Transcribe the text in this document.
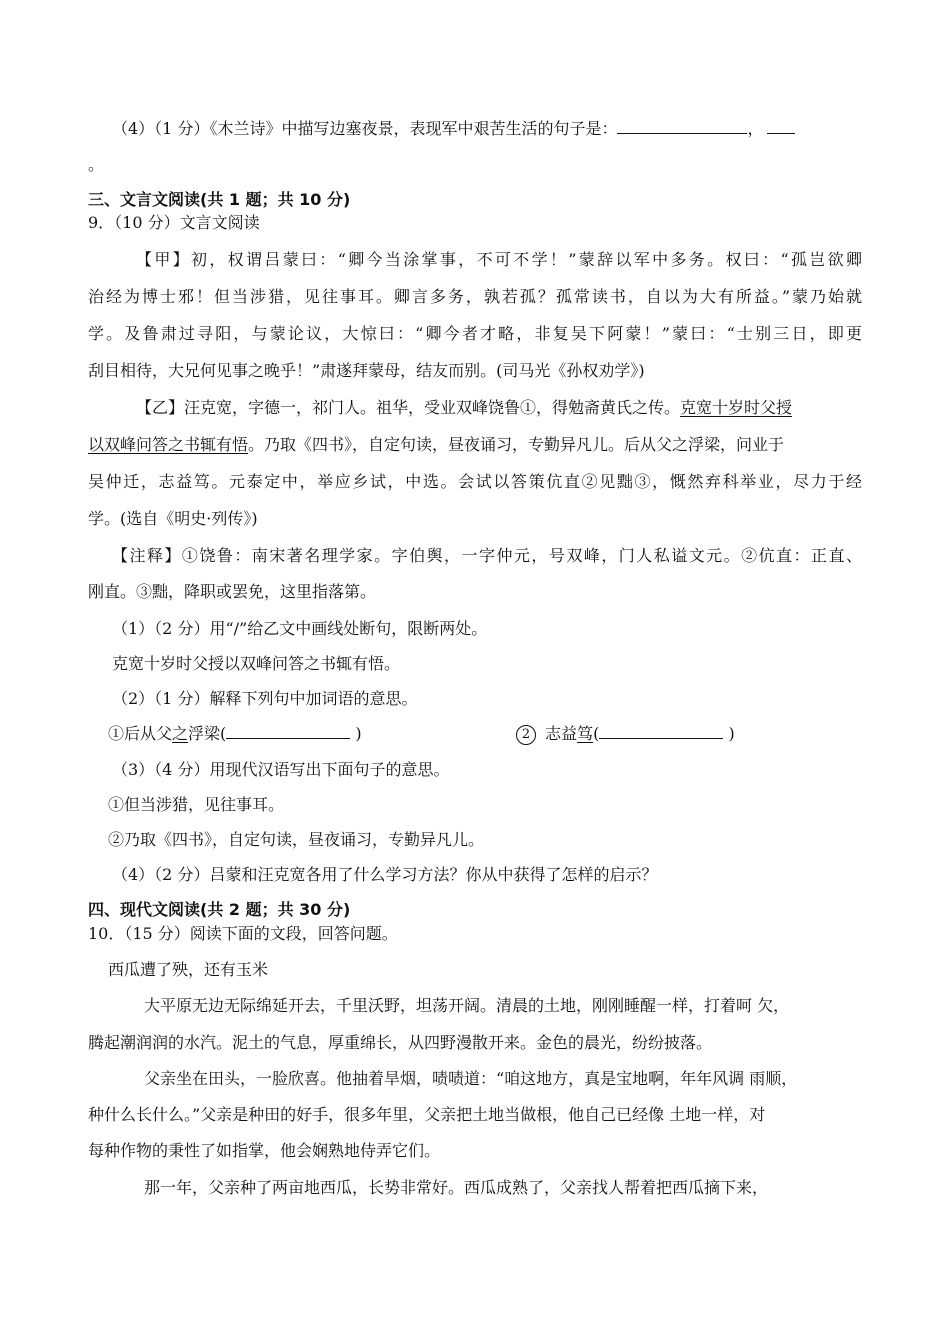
（4）（1 分）《木兰诗》中描写边塞夜景，表现军中艰苦生活的句子是：	，
。
三、文言文阅读(共 1 题；共 10 分)
9．（10 分）文言文阅读
【甲】初，权谓吕蒙曰：“卿今当涂掌事，不可不学！”蒙辞以军中多务。权曰：“孤岂欲卿
治经为博士邪！但当涉猎，见往事耳。卿言多务，孰若孤？孤常读书，自以为大有所益。”蒙乃始就
学。及鲁肃过寻阳，与蒙论议，大惊曰：“卿今者才略，非复吴下阿蒙！”蒙曰：“士别三日，即更
刮目相待，大兄何见事之晚乎！”肃遂拜蒙母，结友而别。(司马光《孙权劝学》)
【乙】汪克宽，字德一，祁门人。祖华，受业双峰饶鲁①，得勉斋黄氏之传。克宽十岁时父授
以双峰问答之书辄有悟。乃取《四书》，自定句读，昼夜诵习，专勤异凡儿。后从父之浮梁，问业于
吴仲迁，志益笃。元泰定中，举应乡试，中选。会试以答策伉直②见黜③，慨然弃科举业，尽力于经
学。(选自《明史·列传》)
【注释】①饶鲁：南宋著名理学家。字伯舆，一字仲元，号双峰，门人私谥文元。②伉直：正直、
刚直。③黜，降职或罢免，这里指落第。
（1）（2 分）用“/”给乙文中画线处断句，限断两处。
克宽十岁时父授以双峰问答之书辄有悟。
（2）（1 分）解释下列句中加词语的意思。
①后从父之浮梁(	)	2 志益笃(	)
（3）（4 分）用现代汉语写出下面句子的意思。
①但当涉猎，见往事耳。
②乃取《四书》，自定句读，昼夜诵习，专勤异凡儿。
（4）（2 分）吕蒙和汪克宽各用了什么学习方法？你从中获得了怎样的启示？
四、现代文阅读(共 2 题；共 30 分)
10．（15 分）阅读下面的文段，回答问题。
西瓜遭了殃，还有玉米
大平原无边无际绵延开去，千里沃野，坦荡开阔。清晨的土地，刚刚睡醒一样，打着呵 欠，
腾起潮润润的水汽。泥土的气息，厚重绵长，从四野漫散开来。金色的晨光，纷纷披落。
父亲坐在田头，一脸欣喜。他抽着旱烟，啧啧道：“咱这地方，真是宝地啊，年年风调 雨顺，
种什么长什么。”父亲是种田的好手，很多年里，父亲把土地当做根，他自己已经像 土地一样，对
每种作物的秉性了如指掌，他会娴熟地侍弄它们。
那一年，父亲种了两亩地西瓜，长势非常好。西瓜成熟了，父亲找人帮着把西瓜摘下来，
